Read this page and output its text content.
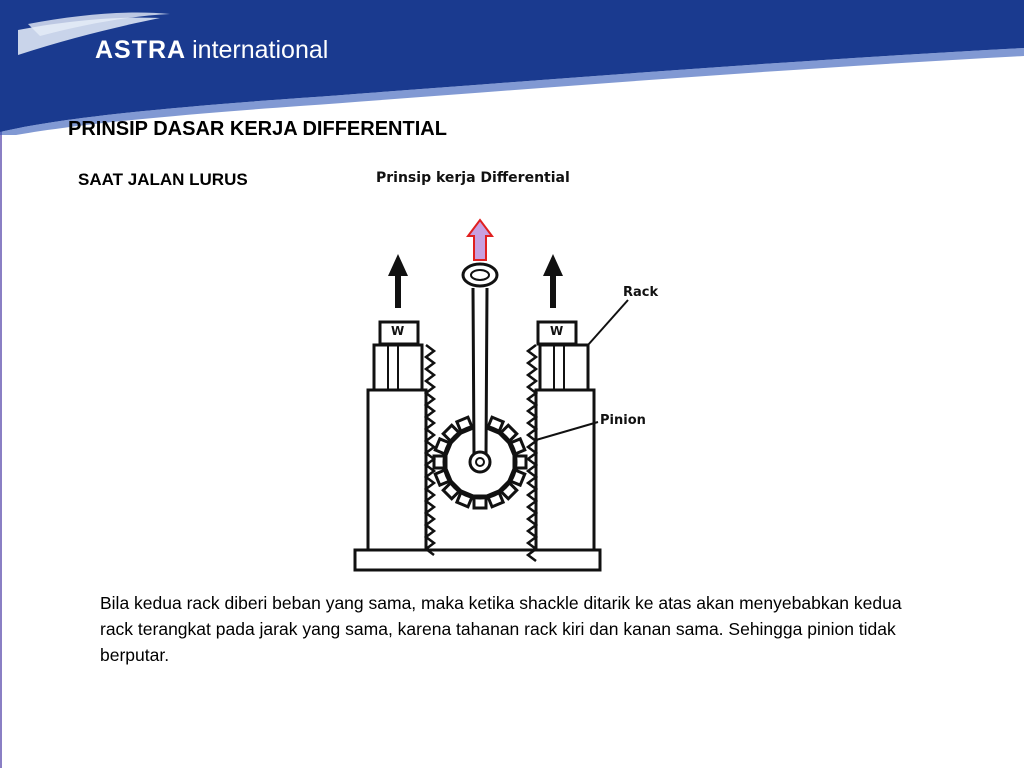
ASTRA international
PRINSIP DASAR KERJA DIFFERENTIAL
SAAT JALAN LURUS	Prinsip kerja Differential
Rack
Pinion
W	W

Bila kedua rack diberi beban yang sama, maka ketika shackle ditarik ke atas akan menyebabkan kedua rack terangkat pada jarak yang sama, karena tahanan rack kiri dan kanan sama. Sehingga pinion tidak berputar.
